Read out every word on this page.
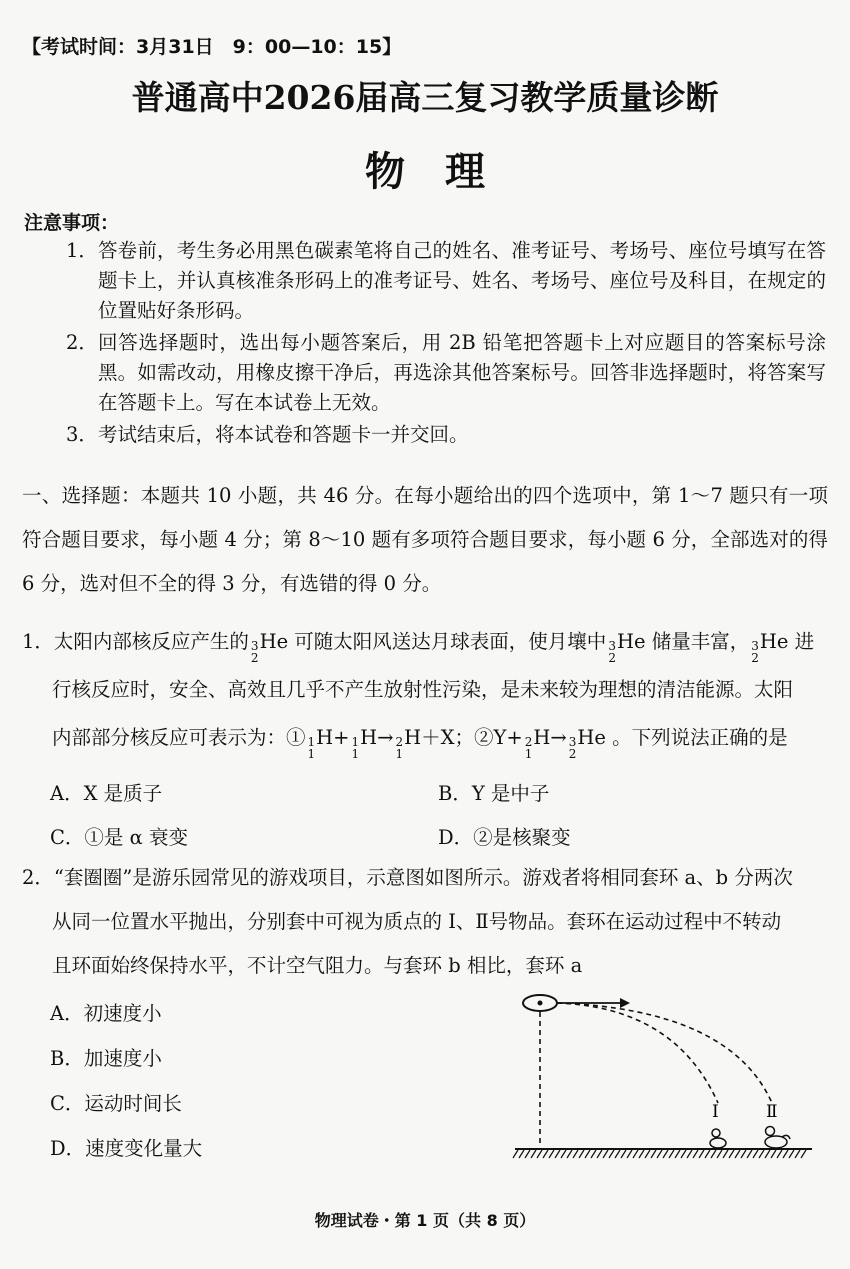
【考试时间：3月31日　9：00—10：15】
普通高中2026届高三复习教学质量诊断
物理
注意事项：
1． 答卷前，考生务必用黑色碳素笔将自己的姓名、准考证号、考场号、座位号填写在答题卡上，并认真核准条形码上的准考证号、姓名、考场号、座位号及科目，在规定的位置贴好条形码。
2． 回答选择题时，选出每小题答案后，用 2B 铅笔把答题卡上对应题目的答案标号涂黑。如需改动，用橡皮擦干净后，再选涂其他答案标号。回答非选择题时，将答案写在答题卡上。写在本试卷上无效。
3． 考试结束后，将本试卷和答题卡一并交回。
一、选择题：本题共 10 小题，共 46 分。在每小题给出的四个选项中，第 1～7 题只有一项符合题目要求，每小题 4 分；第 8～10 题有多项符合题目要求，每小题 6 分，全部选对的得 6 分，选对但不全的得 3 分，有选错的得 0 分。
1．太阳内部核反应产生的 3
2
He 可随太阳风送达月球表面，使月壤中 3
2
He 储量丰富， 3
2
He 进
行核反应时，安全、高效且几乎不产生放射性污染，是未来较为理想的清洁能源。太阳
内部部分核反应可表示为：① 1
1
H+ 1
1
H→ 2
1
H＋X；②Y+ 2
1
H→ 3
2
He 。下列说法正确的是
A．X 是质子	B．Y 是中子
C．①是 α 衰变	D．②是核聚变
2．“套圈圈”是游乐园常见的游戏项目，示意图如图所示。游戏者将相同套环 a、b 分两次
从同一位置水平抛出，分别套中可视为质点的 Ⅰ、Ⅱ号物品。套环在运动过程中不转动
且环面始终保持水平，不计空气阻力。与套环 b 相比，套环 a
A．初速度小
B．加速度小
C．运动时间长
D．速度变化量大
Ⅰ	Ⅱ
物理试卷・第 1 页（共 8 页）
